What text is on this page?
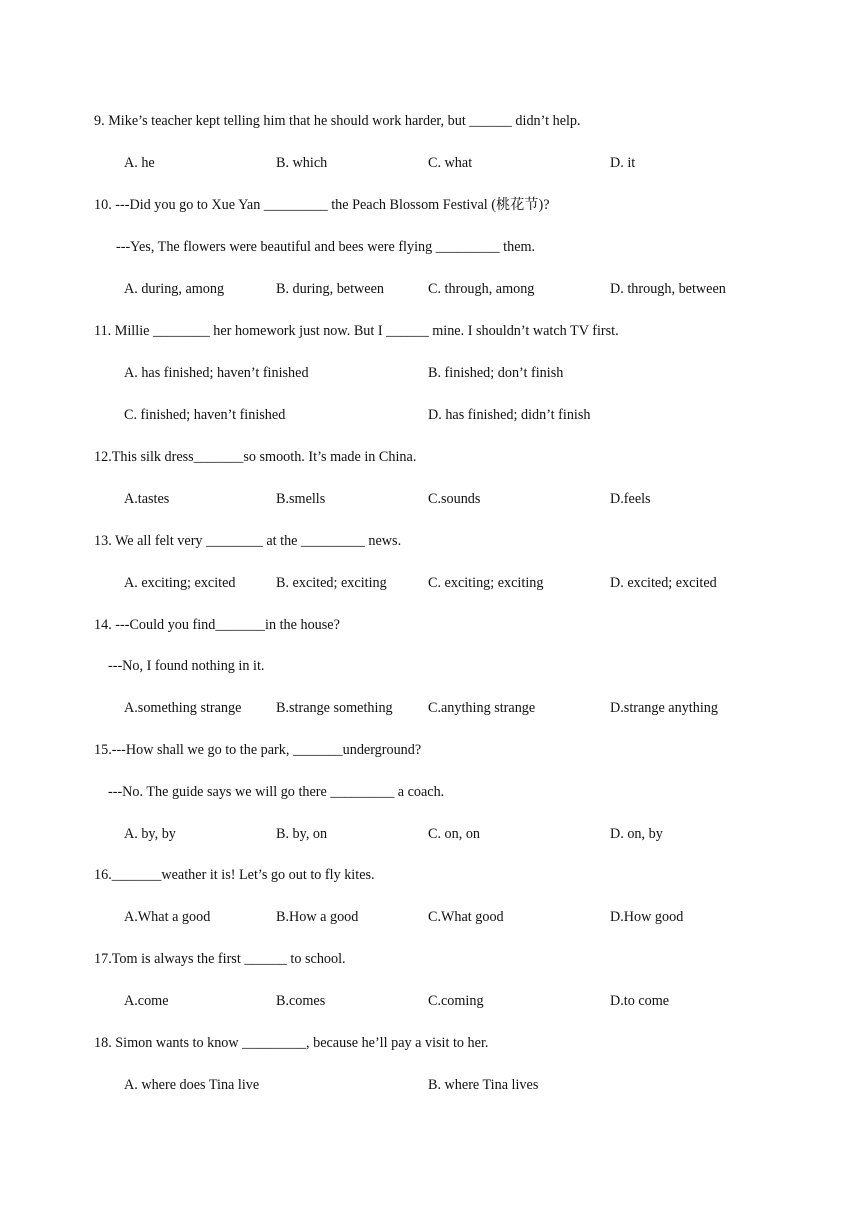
9. Mike’s teacher kept telling him that he should work harder, but ______ didn’t help.
A. he	B. which	C. what	D. it
10. ---Did you go to Xue Yan _________ the Peach Blossom Festival (桃花节)?
---Yes, The flowers were beautiful and bees were flying _________ them.
A. during, among	B. during, between	C. through, among	D. through, between
11. Millie ________ her homework just now. But I ______ mine. I shouldn’t watch TV first.
A. has finished; haven’t finished	B. finished; don’t finish
C. finished; haven’t finished	D. has finished; didn’t finish
12.This silk dress_______so smooth. It’s made in China.
A.tastes	B.smells	C.sounds	D.feels
13. We all felt very ________ at the _________ news.
A. exciting; excited	B. excited; exciting	C. exciting; exciting	D. excited; excited
14. ---Could you find_______in the house?
---No, I found nothing in it.
A.something strange B.strange something C.anything strange	D.strange anything
15.---How shall we go to the park, _______underground?
---No. The guide says we will go there _________ a coach.
A. by, by	B. by, on	C. on, on	D. on, by
16._______weather it is! Let’s go out to fly kites.
A.What a good	B.How a good	C.What good	D.How good
17.Tom is always the first ______ to school.
A.come	B.comes	C.coming	D.to come
18. Simon wants to know _________, because he’ll pay a visit to her.
A. where does Tina live	B. where Tina lives
